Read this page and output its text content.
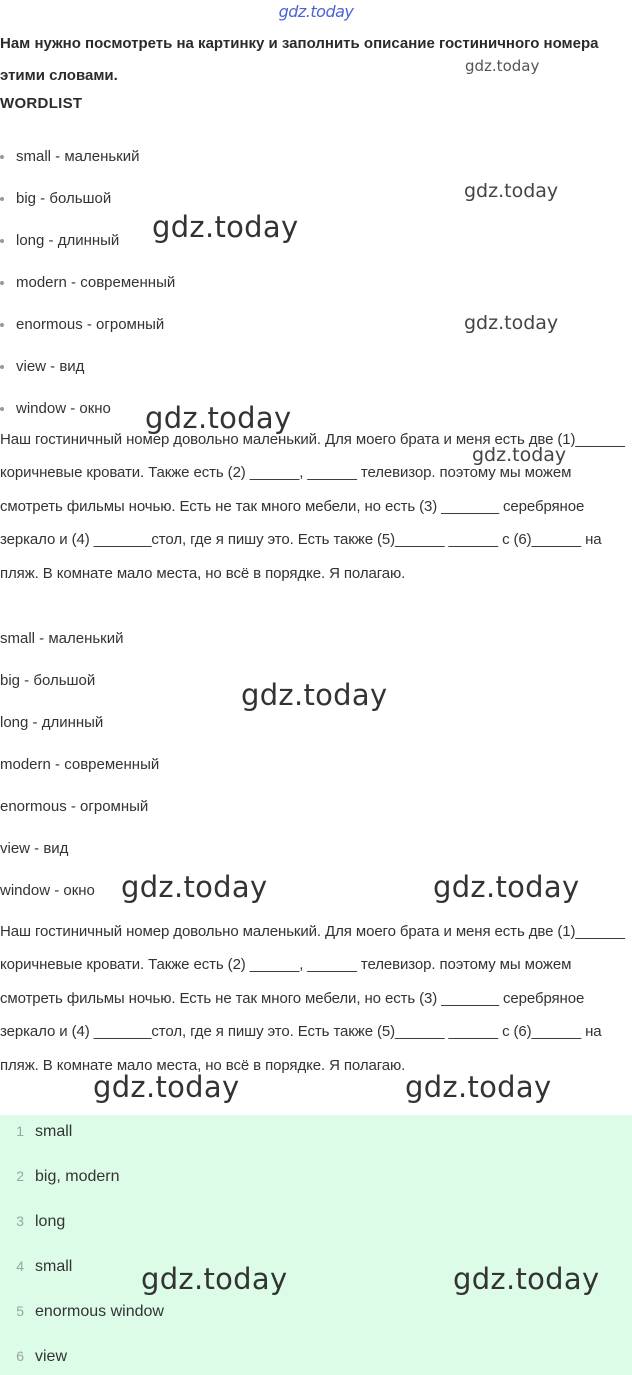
gdz.today
Нам нужно посмотреть на картинку и заполнить описание гостиничного номера этими словами.
WORDLIST
small - маленький
big - большой
long - длинный
modern - современный
enormous - огромный
view - вид
window - окно
Наш гостиничный номер довольно маленький. Для моего брата и меня есть две (1)______ коричневые кровати. Также есть (2) ______, ______ телевизор. поэтому мы можем смотреть фильмы ночью. Есть не так много мебели, но есть (3) _______ серебряное зеркало и (4) _______стол, где я пишу это. Есть также (5)______ ______ с (6)______ на пляж. В комнате мало места, но всё в порядке. Я полагаю.
small - маленький
big - большой
long - длинный
modern - современный
enormous - огромный
view - вид
window - окно
Наш гостиничный номер довольно маленький. Для моего брата и меня есть две (1)______ коричневые кровати. Также есть (2) ______, ______ телевизор. поэтому мы можем смотреть фильмы ночью. Есть не так много мебели, но есть (3) _______ серебряное зеркало и (4) _______стол, где я пишу это. Есть также (5)______ ______ с (6)______ на пляж. В комнате мало места, но всё в порядке. Я полагаю.
1 small
2 big, modern
3 long
4 small
5 enormous window
6 view
gdz.today
gdz.today
gdz.today
gdz.today
gdz.today
gdz.today
gdz.today
gdz.today	gdz.today
gdz.today	gdz.today
gdz.today	gdz.today
